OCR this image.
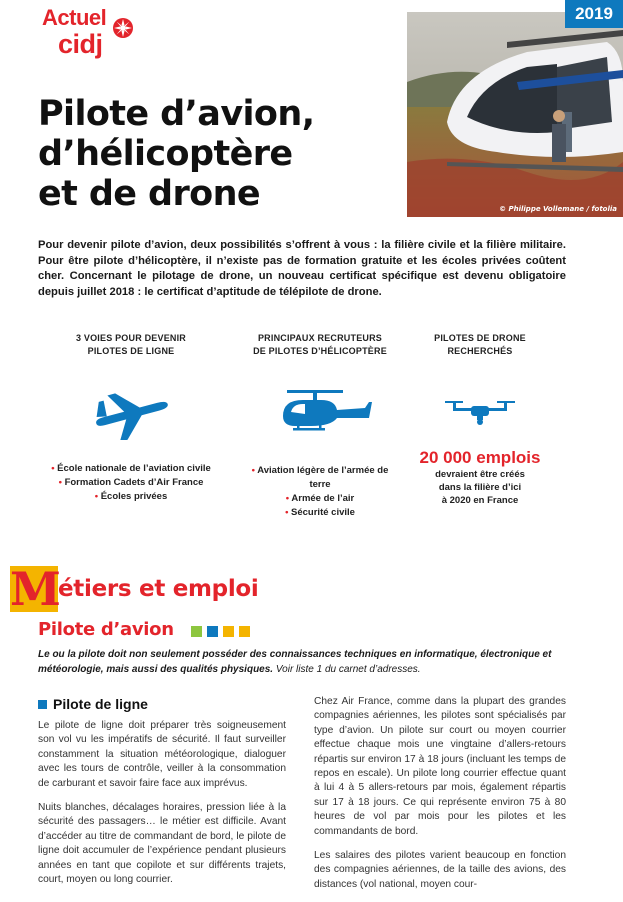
Actuel
cidj
© Philippe Vollemane / fotolia
2019
Pilote d’avion,
d’hélicoptère
et de drone

Pour devenir pilote d’avion, deux possibilités s’offrent à vous : la filière civile et la filière militaire. Pour être pilote d’hélicoptère, il n’existe pas de formation gratuite et les écoles privées coûtent cher. Concernant le pilotage de drone, un nouveau certificat spécifique est devenu obligatoire depuis juillet 2018 : le certificat d’aptitude de télépilote de drone.

3 VOIES POUR DEVENIR
PILOTES DE LIGNE
• École nationale de l’aviation civile
• Formation Cadets d’Air France
• Écoles privées
PRINCIPAUX RECRUTEURS
DE PILOTES D’HÉLICOPTÈRE
• Aviation légère de l’armée de terre
• Armée de l’air
• Sécurité civile
PILOTES DE DRONE
RECHERCHÉS
20 000 emplois
devraient être créés
dans la filière d’ici
à 2020 en France
M
étiers et emploi
Pilote d’avion

Le ou la pilote doit non seulement posséder des connaissances techniques en informatique, électronique et météorologie, mais aussi des qualités physiques. Voir liste 1 du carnet d’adresses.

Pilote de ligne

Le pilote de ligne doit préparer très soigneusement son vol vu les impératifs de sécurité. Il faut surveiller constamment la situation météorologique, dialoguer avec les tours de contrôle, veiller à la consommation de carburant et savoir faire face aux imprévus.

Nuits blanches, décalages horaires, pression liée à la sécurité des passagers… le métier est difficile. Avant d’accéder au titre de commandant de bord, le pilote de ligne doit accumuler de l’expérience pendant plusieurs années en tant que copilote et sur différents trajets, court, moyen ou long courrier.

Chez Air France, comme dans la plupart des grandes compagnies aériennes, les pilotes sont spécialisés par type d’avion. Un pilote sur court ou moyen courrier effectue chaque mois une vingtaine d’allers-retours répartis sur environ 17 à 18 jours (incluant les temps de repos en escale). Un pilote long courrier effectue quant à lui 4 à 5 allers-retours par mois, également répartis sur 17 à 18 jours. Ce qui représente environ 75 à 80 heures de vol par mois pour les pilotes et les commandants de bord.

Les salaires des pilotes varient beaucoup en fonction des compagnies aériennes, de la taille des avions, des distances (vol national, moyen cour-
